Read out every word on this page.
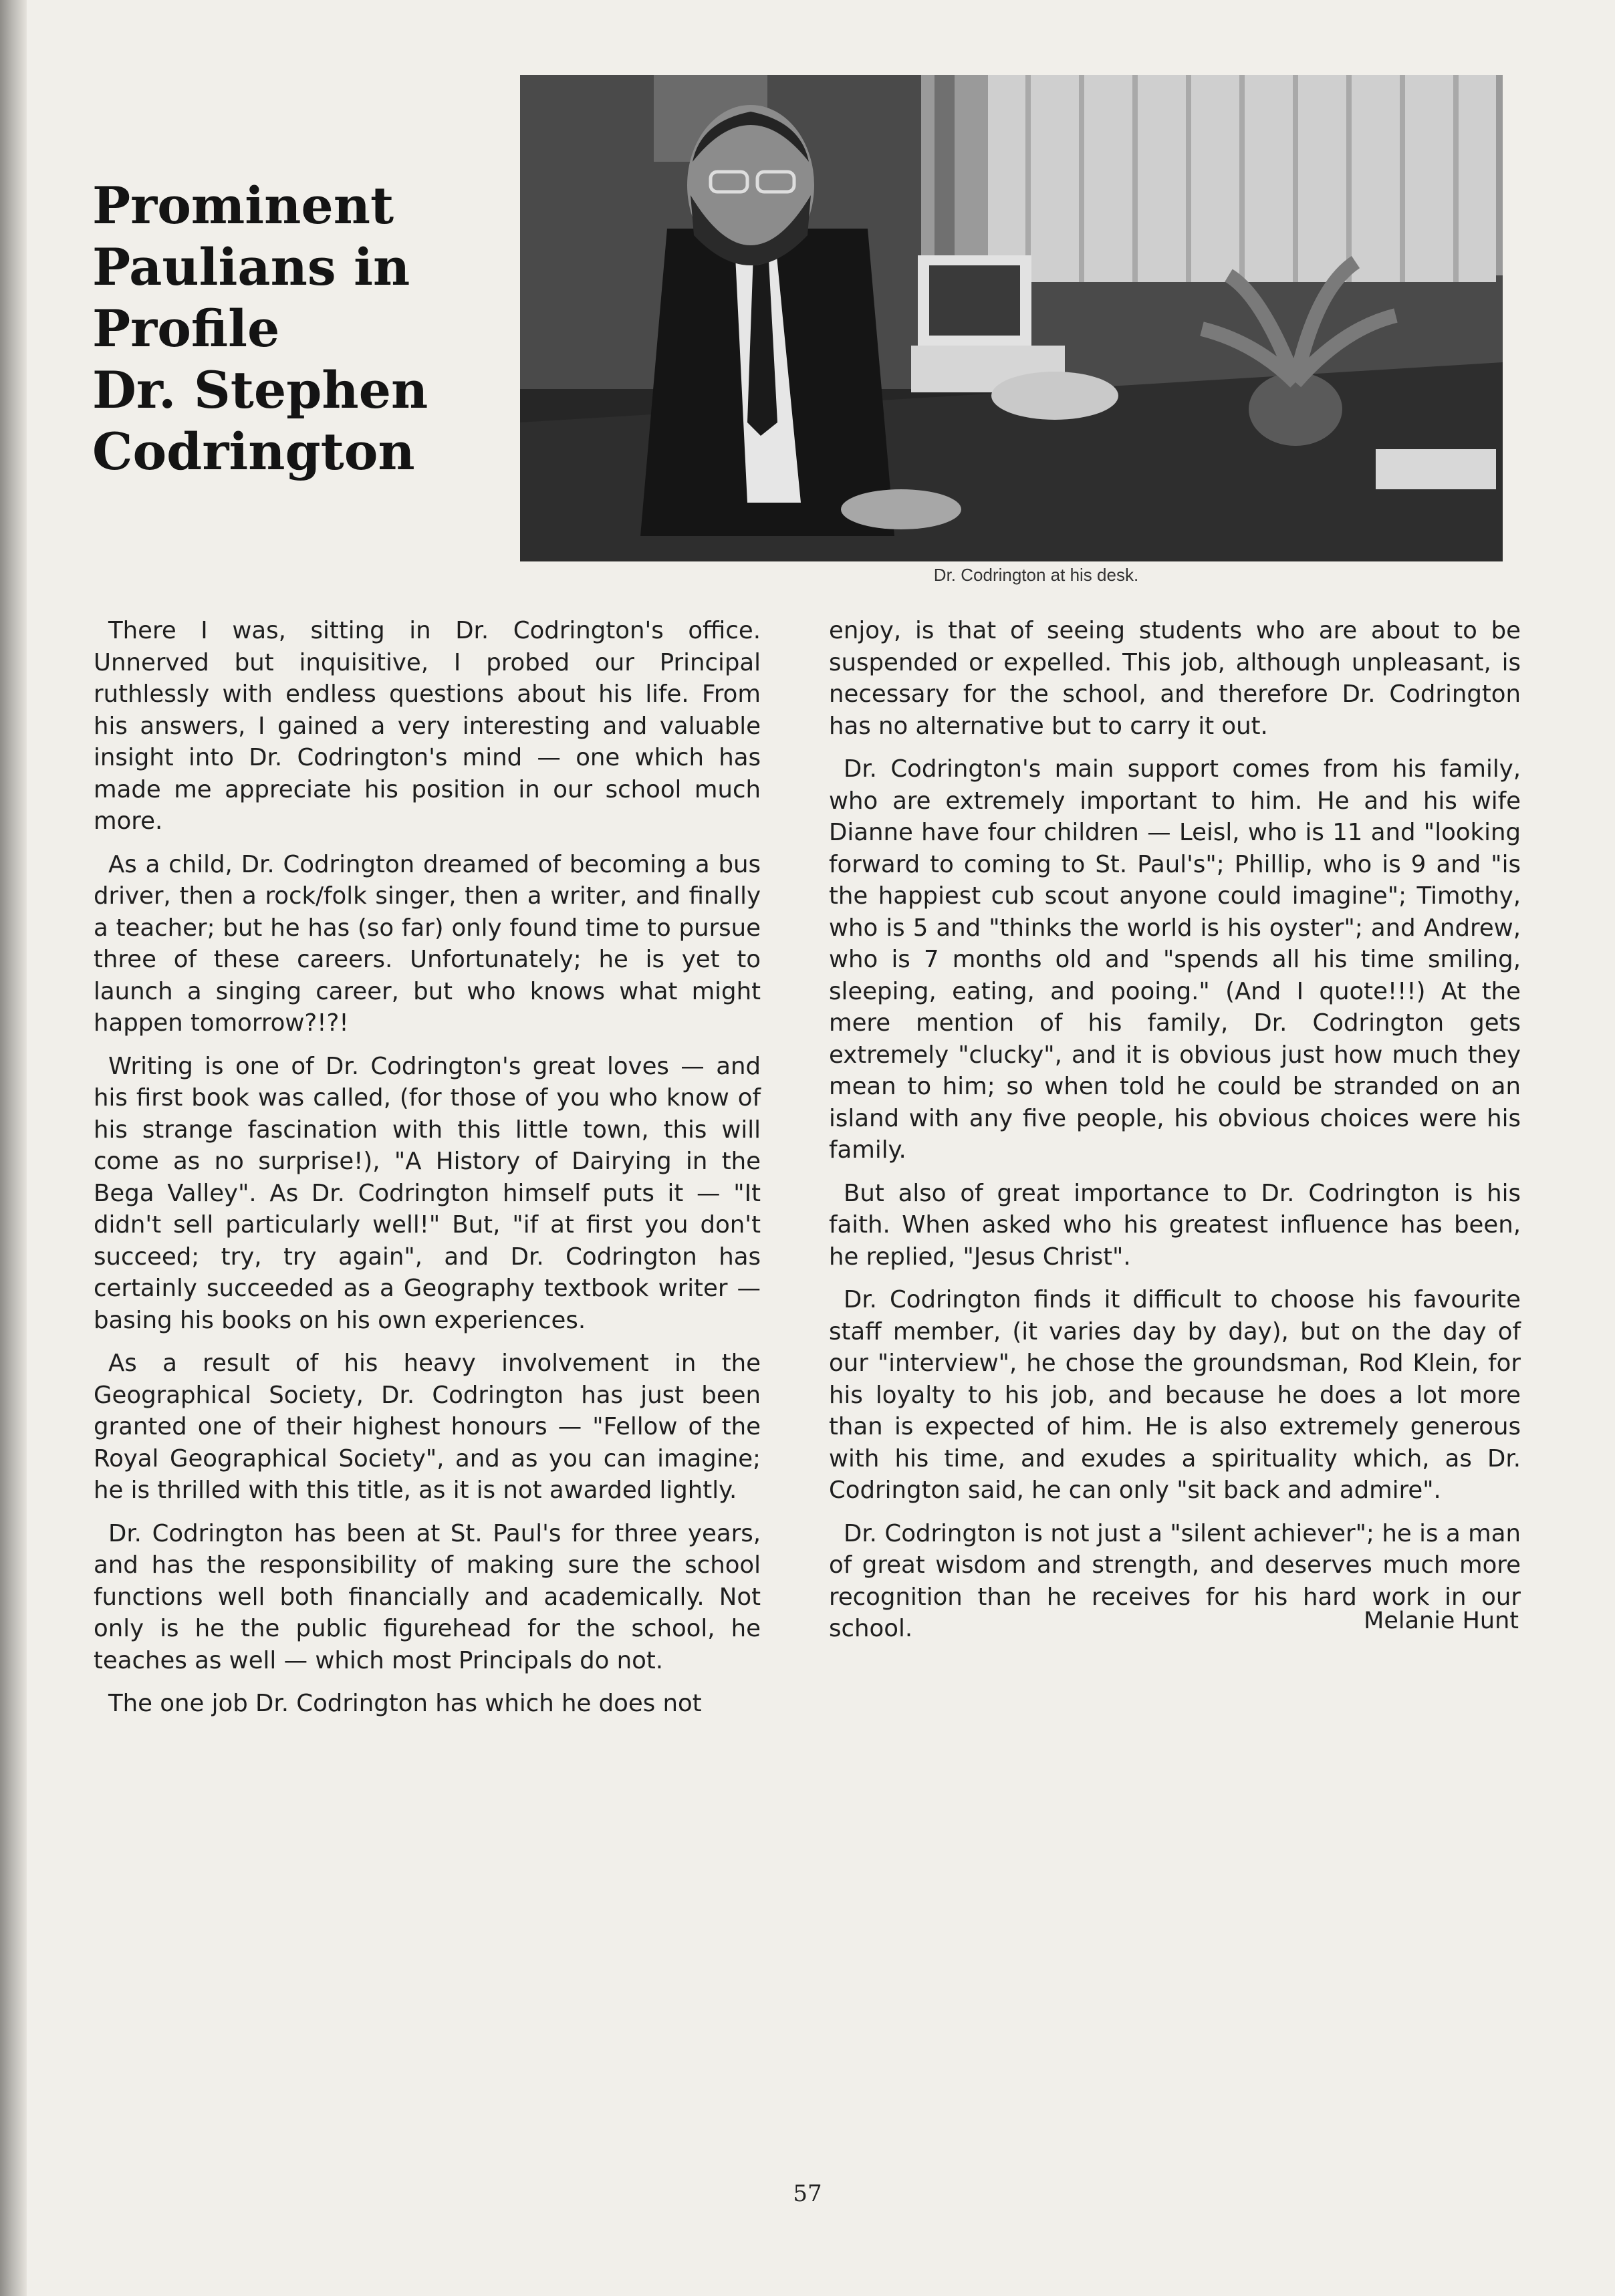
Prominent
Paulians in
Profile
Dr. Stephen
Codrington
Dr. Codrington at his desk.

There I was, sitting in Dr. Codrington's office. Unnerved but inquisitive, I probed our Principal ruthlessly with endless questions about his life. From his answers, I gained a very interesting and valuable insight into Dr. Codrington's mind — one which has made me appreciate his position in our school much more.

As a child, Dr. Codrington dreamed of becoming a bus driver, then a rock/folk singer, then a writer, and finally a teacher; but he has (so far) only found time to pursue three of these careers. Unfortunately; he is yet to launch a singing career, but who knows what might happen tomorrow?!?!

Writing is one of Dr. Codrington's great loves — and his first book was called, (for those of you who know of his strange fascination with this little town, this will come as no surprise!), "A History of Dairying in the Bega Valley". As Dr. Codrington himself puts it — "It didn't sell particularly well!" But, "if at first you don't succeed; try, try again", and Dr. Codrington has certainly succeeded as a Geography textbook writer — basing his books on his own experiences.

As a result of his heavy involvement in the Geographical Society, Dr. Codrington has just been granted one of their highest honours — "Fellow of the Royal Geographical Society", and as you can imagine; he is thrilled with this title, as it is not awarded lightly.

Dr. Codrington has been at St. Paul's for three years, and has the responsibility of making sure the school functions well both financially and academically. Not only is he the public figurehead for the school, he teaches as well — which most Principals do not.

The one job Dr. Codrington has which he does not

enjoy, is that of seeing students who are about to be suspended or expelled. This job, although unpleasant, is necessary for the school, and therefore Dr. Codrington has no alternative but to carry it out.

Dr. Codrington's main support comes from his family, who are extremely important to him. He and his wife Dianne have four children — Leisl, who is 11 and "looking forward to coming to St. Paul's"; Phillip, who is 9 and "is the happiest cub scout anyone could imagine"; Timothy, who is 5 and "thinks the world is his oyster"; and Andrew, who is 7 months old and "spends all his time smiling, sleeping, eating, and pooing." (And I quote!!!) At the mere mention of his family, Dr. Codrington gets extremely "clucky", and it is obvious just how much they mean to him; so when told he could be stranded on an island with any five people, his obvious choices were his family.

But also of great importance to Dr. Codrington is his faith. When asked who his greatest influence has been, he replied, "Jesus Christ".

Dr. Codrington finds it difficult to choose his favourite staff member, (it varies day by day), but on the day of our "interview", he chose the groundsman, Rod Klein, for his loyalty to his job, and because he does a lot more than is expected of him. He is also extremely generous with his time, and exudes a spirituality which, as Dr. Codrington said, he can only "sit back and admire".

Dr. Codrington is not just a "silent achiever"; he is a man of great wisdom and strength, and deserves much more recognition than he receives for his hard work in our school.	Melanie Hunt
57
